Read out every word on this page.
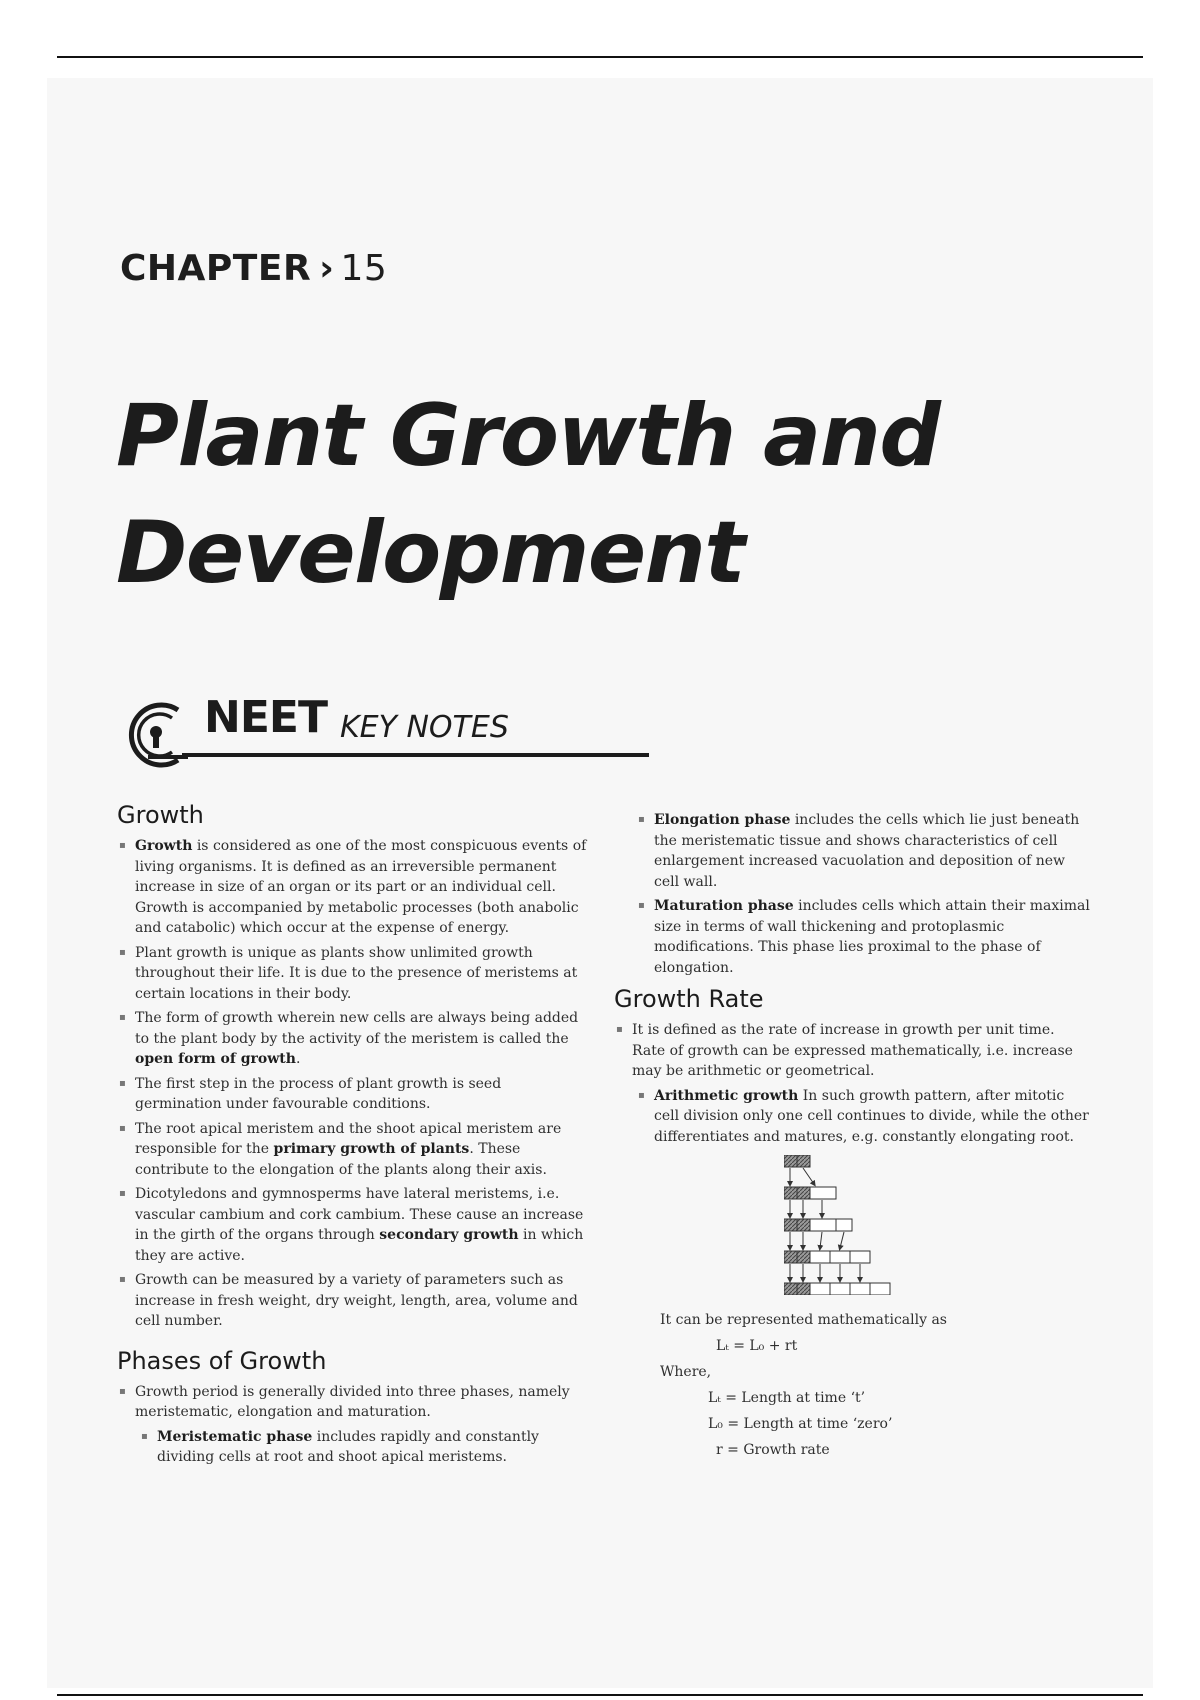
CHAPTER › 15
Plant Growth and
Development
NEET KEY NOTES
Growth
▪ Growth is considered as one of the most conspicuous events of living organisms. It is defined as an irreversible permanent increase in size of an organ or its part or an individual cell. Growth is accompanied by metabolic processes (both anabolic and catabolic) which occur at the expense of energy.
▪ Plant growth is unique as plants show unlimited growth throughout their life. It is due to the presence of meristems at certain locations in their body.
▪ The form of growth wherein new cells are always being added to the plant body by the activity of the meristem is called the open form of growth.
▪ The first step in the process of plant growth is seed germination under favourable conditions.
▪ The root apical meristem and the shoot apical meristem are responsible for the primary growth of plants. These contribute to the elongation of the plants along their axis.
▪ Dicotyledons and gymnosperms have lateral meristems, i.e. vascular cambium and cork cambium. These cause an increase in the girth of the organs through secondary growth in which they are active.
▪ Growth can be measured by a variety of parameters such as increase in fresh weight, dry weight, length, area, volume and cell number.
Phases of Growth
▪ Growth period is generally divided into three phases, namely meristematic, elongation and maturation.
▪ Meristematic phase includes rapidly and constantly dividing cells at root and shoot apical meristems.
▪ Elongation phase includes the cells which lie just beneath the meristematic tissue and shows characteristics of cell enlargement increased vacuolation and deposition of new cell wall.
▪ Maturation phase includes cells which attain their maximal size in terms of wall thickening and protoplasmic modifications. This phase lies proximal to the phase of elongation.
Growth Rate
▪ It is defined as the rate of increase in growth per unit time. Rate of growth can be expressed mathematically, i.e. increase may be arithmetic or geometrical.
▪ Arithmetic growth In such growth pattern, after mitotic cell division only one cell continues to divide, while the other differentiates and matures, e.g. constantly elongating root.
It can be represented mathematically as
Lₜ = L₀ + rt
Where,
Lₜ = Length at time ‘t’
L₀ = Length at time ‘zero’
r = Growth rate
